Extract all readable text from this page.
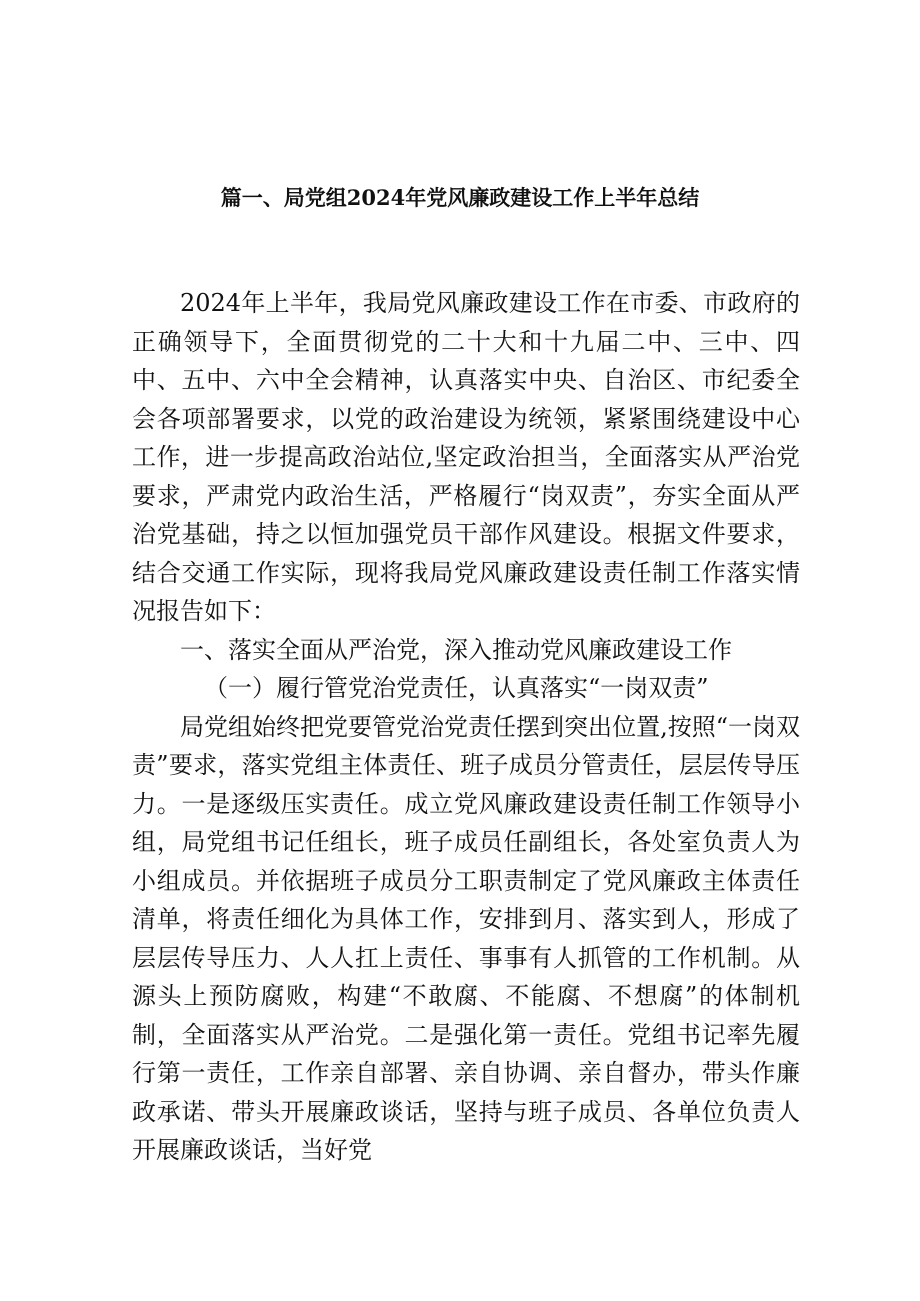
篇一、局党组2024年党风廉政建设工作上半年总结

2024年上半年，我局党风廉政建设工作在市委、市政府的正确领导下，全面贯彻党的二十大和十九届二中、三中、四中、五中、六中全会精神，认真落实中央、自治区、市纪委全会各项部署要求，以党的政治建设为统领，紧紧围绕建设中心工作，进一步提高政治站位,坚定政治担当，全面落实从严治党要求，严肃党内政治生活，严格履行“岗双责”，夯实全面从严治党基础，持之以恒加强党员干部作风建设。根据文件要求，结合交通工作实际，现将我局党风廉政建设责任制工作落实情况报告如下：

一、落实全面从严治党，深入推动党风廉政建设工作

（一）履行管党治党责任，认真落实“一岗双责”

局党组始终把党要管党治党责任摆到突出位置,按照“一岗双责”要求，落实党组主体责任、班子成员分管责任，层层传导压力。一是逐级压实责任。成立党风廉政建设责任制工作领导小组，局党组书记任组长，班子成员任副组长，各处室负责人为小组成员。并依据班子成员分工职责制定了党风廉政主体责任清单，将责任细化为具体工作，安排到月、落实到人，形成了层层传导压力、人人扛上责任、事事有人抓管的工作机制。从源头上预防腐败，构建“不敢腐、不能腐、不想腐”的体制机制，全面落实从严治党。二是强化第一责任。党组书记率先履行第一责任，工作亲自部署、亲自协调、亲自督办，带头作廉政承诺、带头开展廉政谈话，坚持与班子成员、各单位负责人开展廉政谈话，当好党
